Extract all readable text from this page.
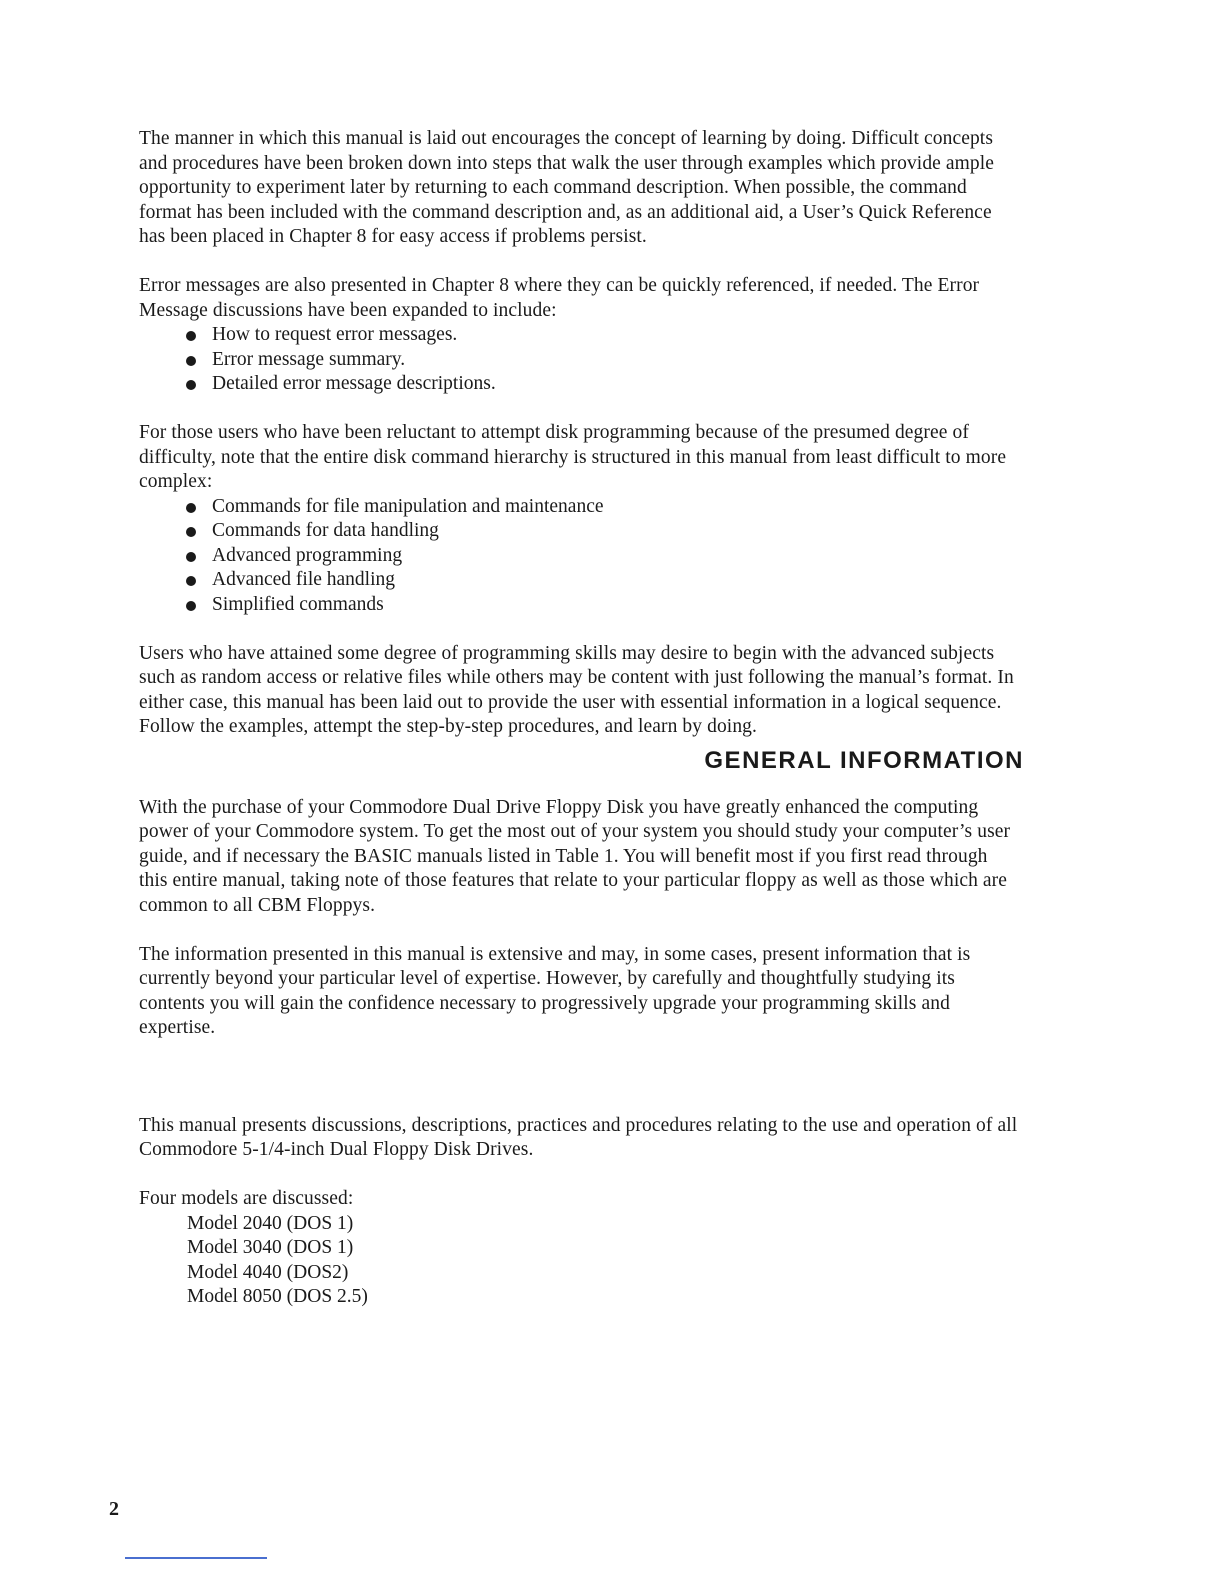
The manner in which this manual is laid out encourages the concept of learning by doing. Difficult concepts and procedures have been broken down into steps that walk the user through examples which provide ample opportunity to experiment later by returning to each command description. When possible, the command format has been included with the command description and, as an additional aid, a User’s Quick Reference has been placed in Chapter 8 for easy access if problems persist.

Error messages are also presented in Chapter 8 where they can be quickly referenced, if needed. The Error Message discussions have been expanded to include:

How to request error messages.
Error message summary.
Detailed error message descriptions.

For those users who have been reluctant to attempt disk programming because of the presumed degree of difficulty, note that the entire disk command hierarchy is structured in this manual from least difficult to more complex:

Commands for file manipulation and maintenance
Commands for data handling
Advanced programming
Advanced file handling
Simplified commands

Users who have attained some degree of programming skills may desire to begin with the advanced subjects such as random access or relative files while others may be content with just following the manual’s format. In either case, this manual has been laid out to provide the user with essential information in a logical sequence. Follow the examples, attempt the step-by-step procedures, and learn by doing.

GENERAL INFORMATION

With the purchase of your Commodore Dual Drive Floppy Disk you have greatly enhanced the computing power of your Commodore system. To get the most out of your system you should study your computer’s user guide, and if necessary the BASIC manuals listed in Table 1. You will benefit most if you first read through this entire manual, taking note of those features that relate to your particular floppy as well as those which are common to all CBM Floppys.

The information presented in this manual is extensive and may, in some cases, present information that is currently beyond your particular level of expertise. However, by carefully and thoughtfully studying its contents you will gain the confidence necessary to progressively upgrade your programming skills and expertise.

This manual presents discussions, descriptions, practices and procedures relating to the use and operation of all Commodore 5-1/4-inch Dual Floppy Disk Drives.

Four models are discussed:

Model 2040 (DOS 1)
Model 3040 (DOS 1)
Model 4040 (DOS2)
Model 8050 (DOS 2.5)
2
